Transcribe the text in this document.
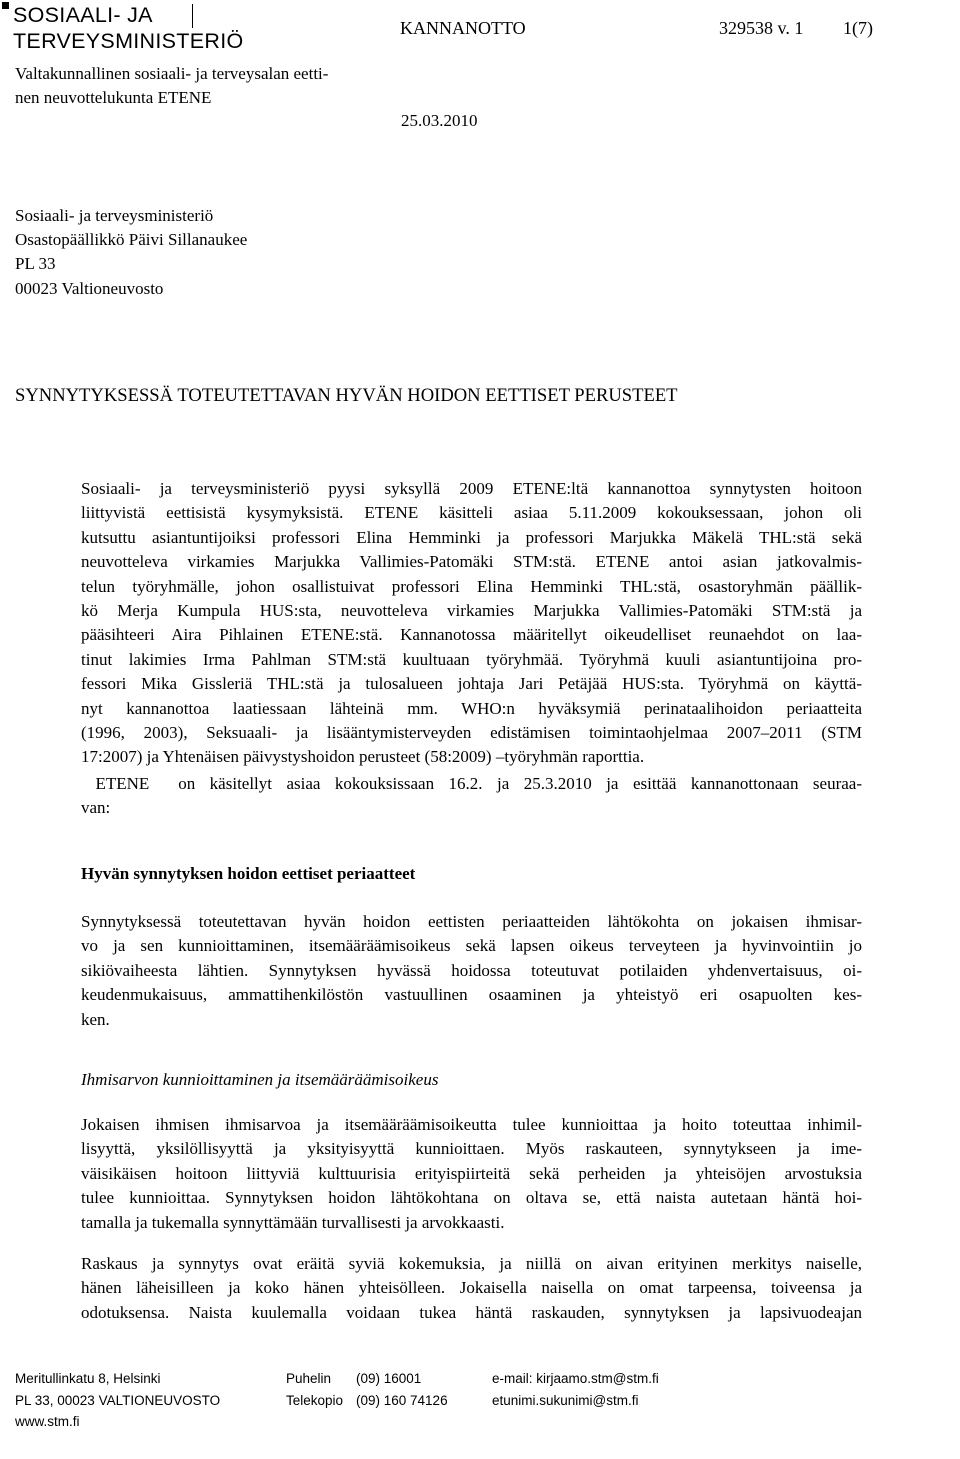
SOSIAALI- JA
TERVEYSMINISTERIÖ
Valtakunnallinen sosiaali- ja terveysalan eetti-
nen neuvottelukunta ETENE
KANNANOTTO	329538 v. 1 1(7)
25.03.2010
Sosiaali- ja terveysministeriö
Osastopäällikkö Päivi Sillanaukee
PL 33
00023 Valtioneuvosto
SYNNYTYKSESSÄ TOTEUTETTAVAN HYVÄN HOIDON EETTISET PERUSTEET
Sosiaali- ja terveysministeriö pyysi syksyllä 2009 ETENE:ltä kannanottoa synnytysten hoitoon
liittyvistä eettisistä kysymyksistä. ETENE käsitteli asiaa 5.11.2009 kokouksessaan, johon oli
kutsuttu asiantuntijoiksi professori Elina Hemminki ja professori Marjukka Mäkelä THL:stä sekä
neuvotteleva virkamies Marjukka Vallimies-Patomäki STM:stä. ETENE antoi asian jatkovalmis-
telun työryhmälle, johon osallistuivat professori Elina Hemminki THL:stä, osastoryhmän päällik-
kö Merja Kumpula HUS:sta, neuvotteleva virkamies Marjukka Vallimies-Patomäki STM:stä ja
pääsihteeri Aira Pihlainen ETENE:stä. Kannanotossa määritellyt oikeudelliset reunaehdot on laa-
tinut lakimies Irma Pahlman STM:stä kuultuaan työryhmää. Työryhmä kuuli asiantuntijoina pro-
fessori Mika Gissleriä THL:stä ja tulosalueen johtaja Jari Petäjää HUS:sta. Työryhmä on käyttä-
nyt kannanottoa laatiessaan lähteinä mm. WHO:n hyväksymiä perinataalihoidon periaatteita
(1996, 2003), Seksuaali- ja lisääntymisterveyden edistämisen toimintaohjelmaa 2007–2011 (STM
17:2007) ja Yhtenäisen päivystyshoidon perusteet (58:2009) –työryhmän raporttia.
ETENE  on käsitellyt asiaa kokouksissaan 16.2. ja 25.3.2010 ja esittää kannanottonaan seuraa-
van:
Hyvän synnytyksen hoidon eettiset periaatteet
Synnytyksessä toteutettavan hyvän hoidon eettisten periaatteiden lähtökohta on jokaisen ihmisar-
vo ja sen kunnioittaminen, itsemääräämisoikeus sekä lapsen oikeus terveyteen ja hyvinvointiin jo
sikiövaiheesta lähtien. Synnytyksen hyvässä hoidossa toteutuvat potilaiden yhdenvertaisuus, oi-
keudenmukaisuus, ammattihenkilöstön vastuullinen osaaminen ja yhteistyö eri osapuolten kes-
ken.
Ihmisarvon kunnioittaminen ja itsemääräämisoikeus
Jokaisen ihmisen ihmisarvoa ja itsemääräämisoikeutta tulee kunnioittaa ja hoito toteuttaa inhimil-
lisyyttä, yksilöllisyyttä ja yksityisyyttä kunnioittaen. Myös raskauteen, synnytykseen ja ime-
väisikäisen hoitoon liittyviä kulttuurisia erityispiirteitä sekä perheiden ja yhteisöjen arvostuksia
tulee kunnioittaa. Synnytyksen hoidon lähtökohtana on oltava se, että naista autetaan häntä hoi-
tamalla ja tukemalla synnyttämään turvallisesti ja arvokkaasti.
Raskaus ja synnytys ovat eräitä syviä kokemuksia, ja niillä on aivan erityinen merkitys naiselle,
hänen läheisilleen ja koko hänen yhteisölleen. Jokaisella naisella on omat tarpeensa, toiveensa ja
odotuksensa. Naista kuulemalla voidaan tukea häntä raskauden, synnytyksen ja lapsivuodeajan
Meritullinkatu 8, Helsinki
PL 33, 00023 VALTIONEUVOSTO
www.stm.fi
Puhelin (09) 16001
Telekopio (09) 160 74126
e-mail: kirjaamo.stm@stm.fi
etunimi.sukunimi@stm.fi
